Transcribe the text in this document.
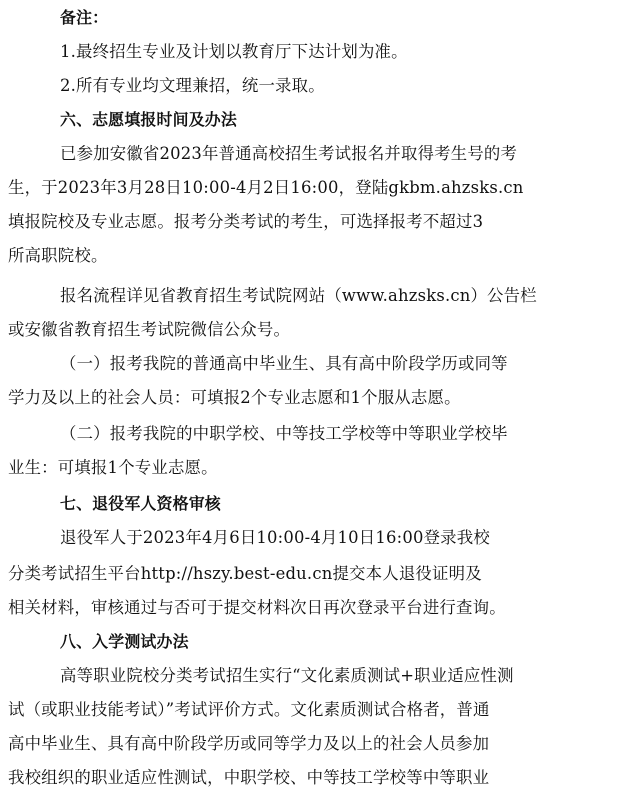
备注：
1.最终招生专业及计划以教育厅下达计划为准。
2.所有专业均文理兼招，统一录取。
六、志愿填报时间及办法
已参加安徽省2023年普通高校招生考试报名并取得考生号的考
生，于2023年3月28日10:00-4月2日16:00，登陆gkbm.ahzsks.cn
填报院校及专业志愿。报考分类考试的考生，可选择报考不超过3
所高职院校。
报名流程详见省教育招生考试院网站（www.ahzsks.cn）公告栏
或安徽省教育招生考试院微信公众号。
（一）报考我院的普通高中毕业生、具有高中阶段学历或同等
学力及以上的社会人员：可填报2个专业志愿和1个服从志愿。
（二）报考我院的中职学校、中等技工学校等中等职业学校毕
业生：可填报1个专业志愿。
七、退役军人资格审核
退役军人于2023年4月6日10:00-4月10日16:00登录我校
分类考试招生平台http://hszy.best-edu.cn提交本人退役证明及
相关材料，审核通过与否可于提交材料次日再次登录平台进行查询。
八、入学测试办法
高等职业院校分类考试招生实行“文化素质测试+职业适应性测
试（或职业技能考试）”考试评价方式。文化素质测试合格者，普通
高中毕业生、具有高中阶段学历或同等学力及以上的社会人员参加
我校组织的职业适应性测试，中职学校、中等技工学校等中等职业
